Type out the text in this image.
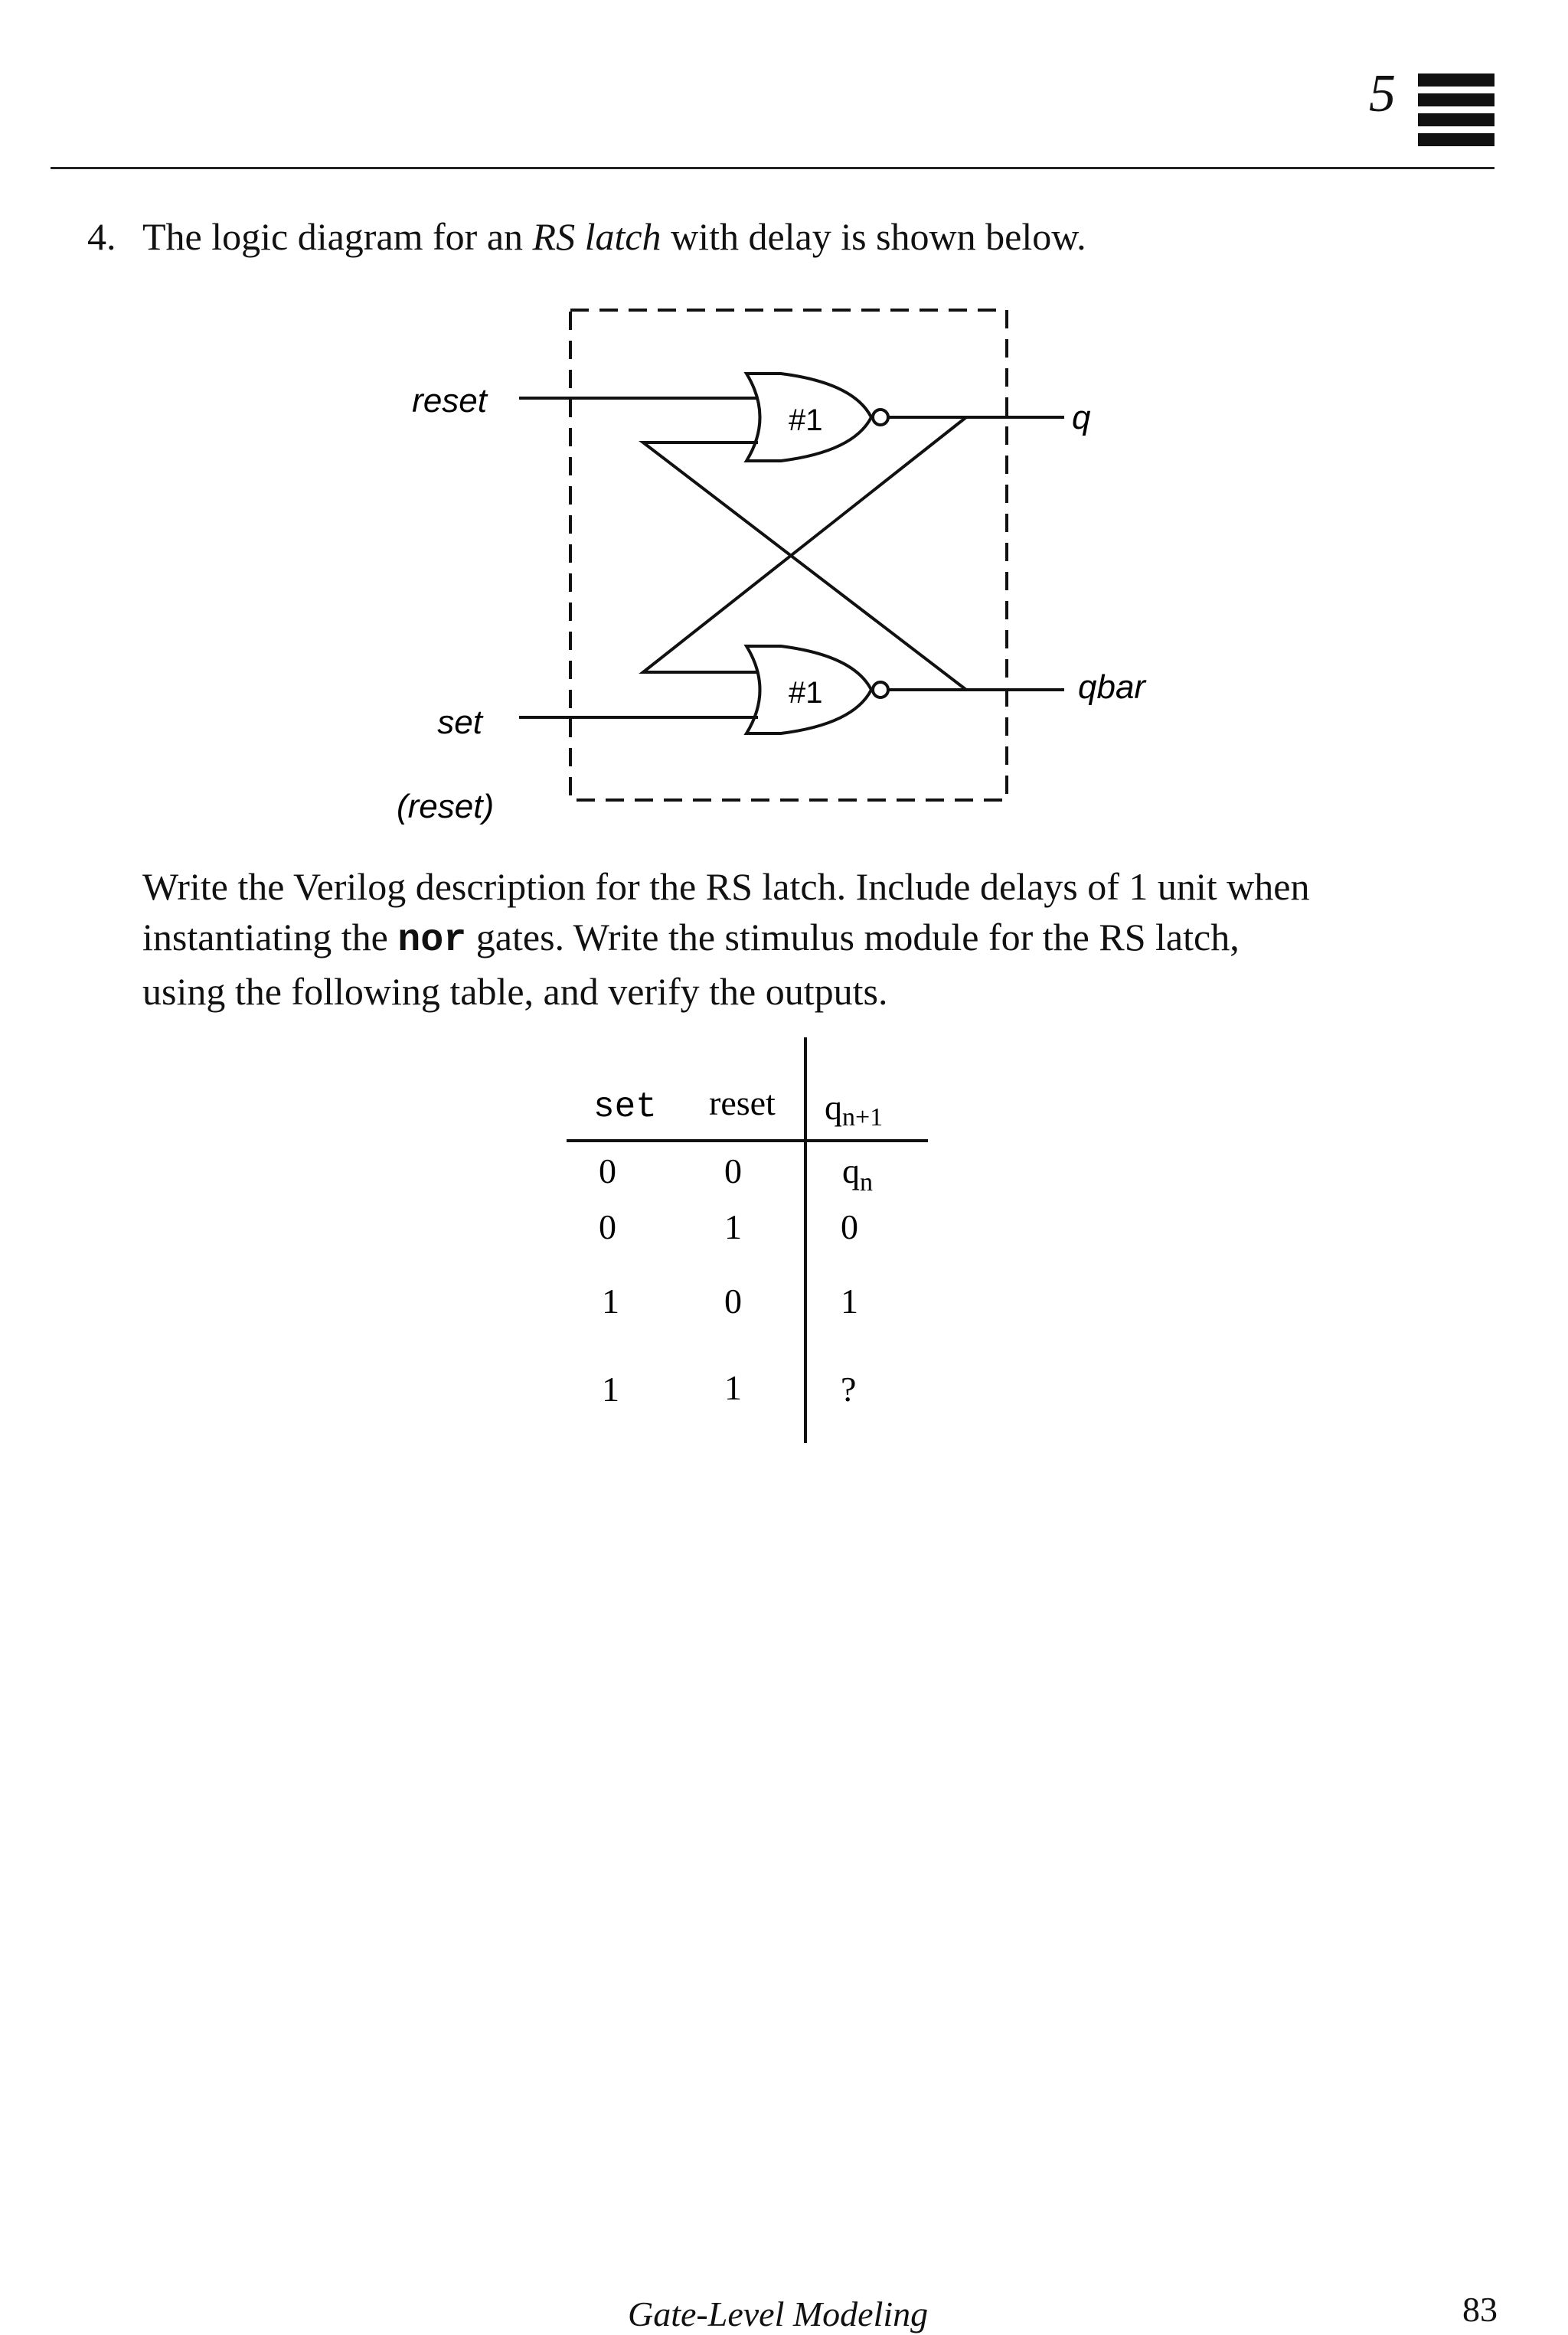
5
4. The logic diagram for an RS latch with delay is shown below.
reset
set
(reset)
#1
#1
q
qbar
Write the Verilog description for the RS latch. Include delays of 1 unit when
instantiating the nor gates. Write the stimulus module for the RS latch,
using the following table, and verify the outputs.
set reset qn+1
0	0	$q_n$
0	1	0
1	0	1
1	1	?
Gate-Level Modeling	83
